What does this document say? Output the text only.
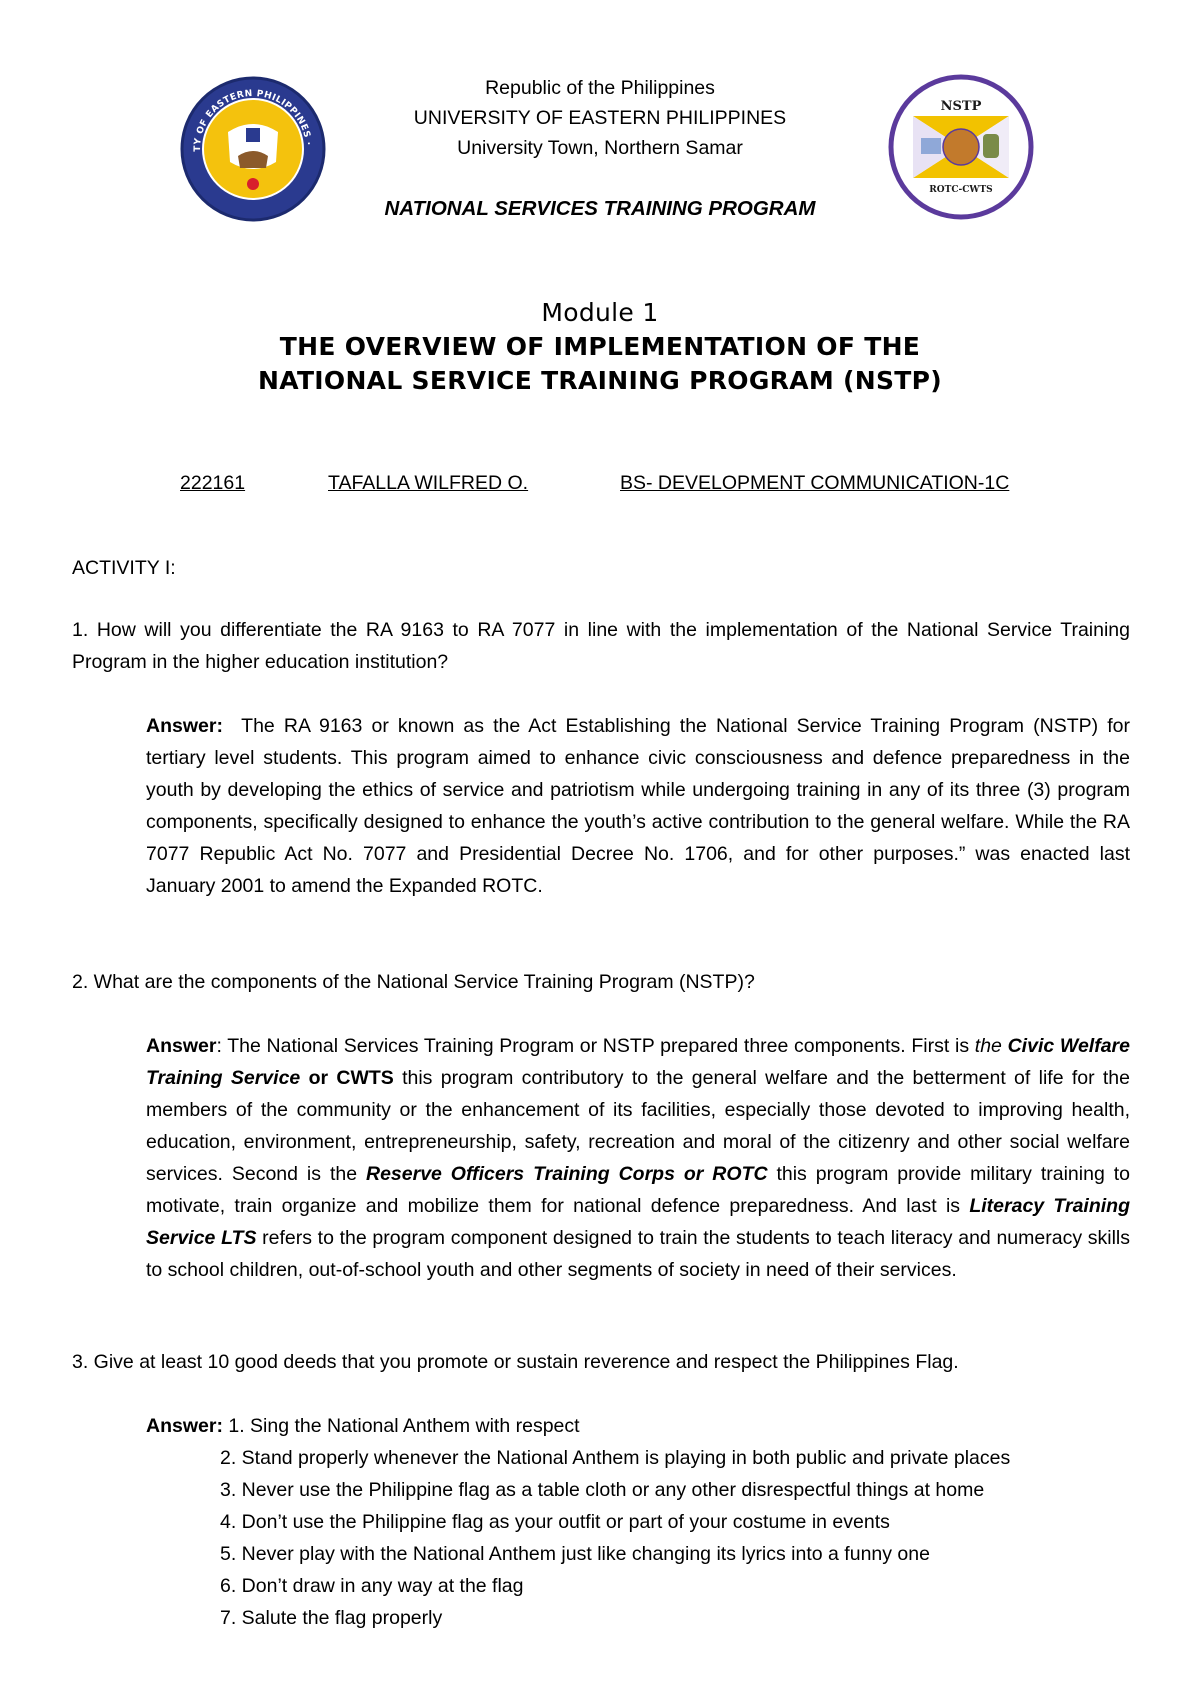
TY OF EASTERN PHILIPPINES ·
NSTP
ROTC-CWTS
Republic of the Philippines
UNIVERSITY OF EASTERN PHILIPPINES
University Town, Northern Samar
NATIONAL SERVICES TRAINING PROGRAM
Module 1
THE OVERVIEW OF IMPLEMENTATION OF THE
NATIONAL SERVICE TRAINING PROGRAM (NSTP)
222161	TAFALLA WILFRED O.	BS- DEVELOPMENT COMMUNICATION-1C
ACTIVITY I:
1. How will you differentiate the RA 9163 to RA 7077 in line with the implementation of the National Service Training Program in the higher education institution?
Answer: The RA 9163 or known as the Act Establishing the National Service Training Program (NSTP) for tertiary level students. This program aimed to enhance civic consciousness and defence preparedness in the youth by developing the ethics of service and patriotism while undergoing training in any of its three (3) program components, specifically designed to enhance the youth’s active contribution to the general welfare. While the RA 7077 Republic Act No. 7077 and Presidential Decree No. 1706, and for other purposes.” was enacted last January 2001 to amend the Expanded ROTC.
2. What are the components of the National Service Training Program (NSTP)?
Answer: The National Services Training Program or NSTP prepared three components. First is the Civic Welfare Training Service or CWTS this program contributory to the general welfare and the betterment of life for the members of the community or the enhancement of its facilities, especially those devoted to improving health, education, environment, entrepreneurship, safety, recreation and moral of the citizenry and other social welfare services. Second is the Reserve Officers Training Corps or ROTC this program provide military training to motivate, train organize and mobilize them for national defence preparedness. And last is Literacy Training Service LTS refers to the program component designed to train the students to teach literacy and numeracy skills to school children, out-of-school youth and other segments of society in need of their services.
3. Give at least 10 good deeds that you promote or sustain reverence and respect the Philippines Flag.
Answer: 1. Sing the National Anthem with respect
2. Stand properly whenever the National Anthem is playing in both public and private places
3. Never use the Philippine flag as a table cloth or any other disrespectful things at home
4. Don’t use the Philippine flag as your outfit or part of your costume in events
5. Never play with the National Anthem just like changing its lyrics into a funny one
6. Don’t draw in any way at the flag
7. Salute the flag properly
